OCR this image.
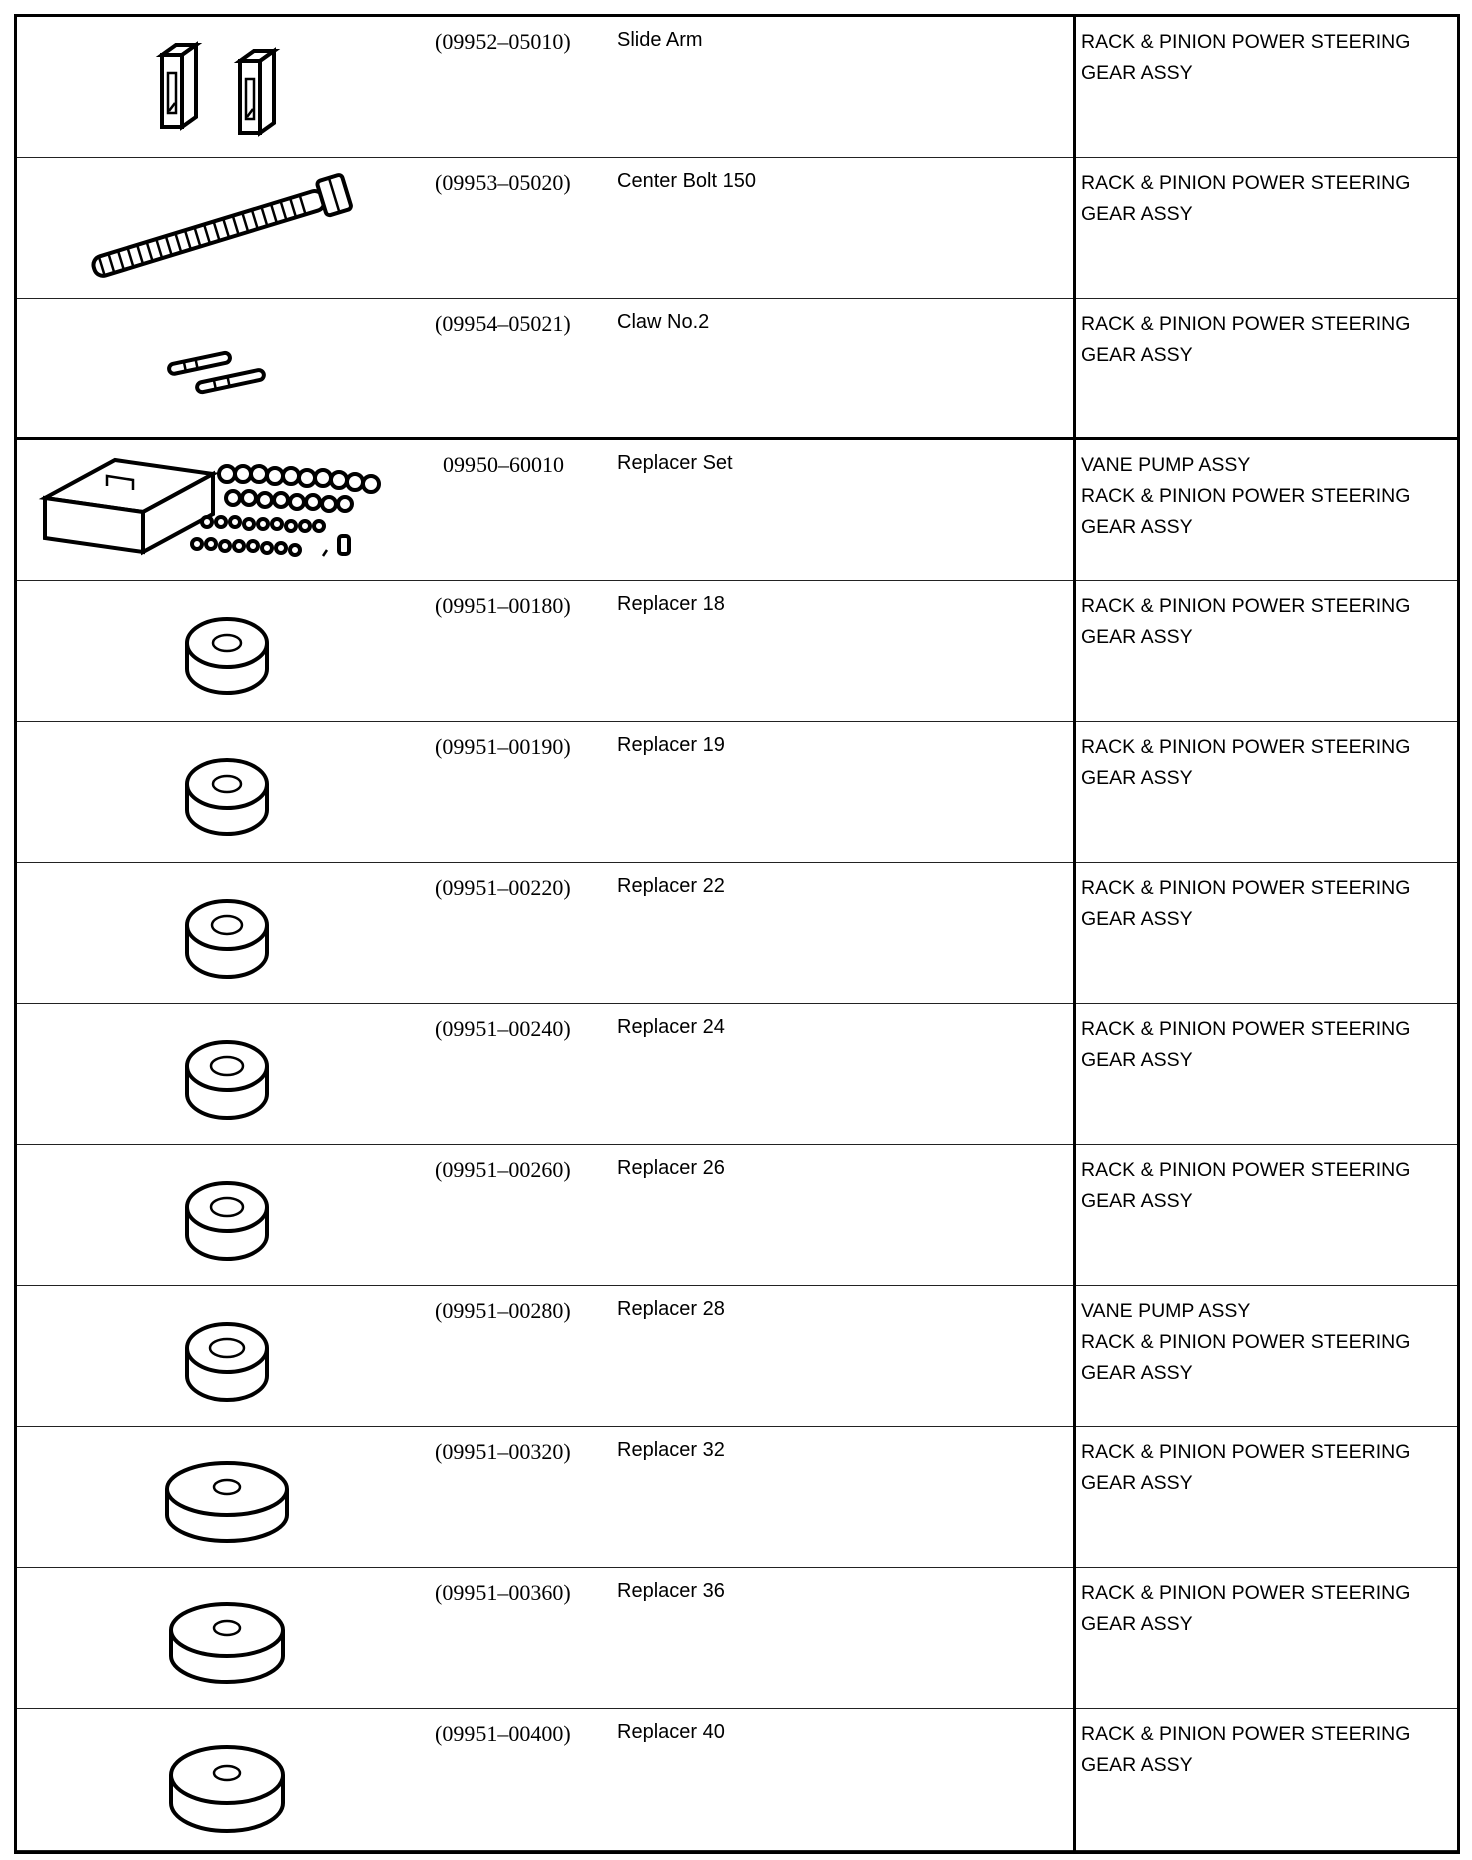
(09952–05010) Slide Arm	RACK & PINION POWER STEERING
GEAR ASSY
(09953–05020) Center Bolt 150	RACK & PINION POWER STEERING
GEAR ASSY
(09954–05021) Claw No.2	RACK & PINION POWER STEERING
GEAR ASSY
09950–60010	Replacer Set	VANE PUMP ASSY
RACK & PINION POWER STEERING
GEAR ASSY
(09951–00180) Replacer 18	RACK & PINION POWER STEERING
GEAR ASSY
(09951–00190) Replacer 19	RACK & PINION POWER STEERING
GEAR ASSY
(09951–00220) Replacer 22	RACK & PINION POWER STEERING
GEAR ASSY
(09951–00240) Replacer 24	RACK & PINION POWER STEERING
GEAR ASSY
(09951–00260) Replacer 26	RACK & PINION POWER STEERING
GEAR ASSY
(09951–00280) Replacer 28	VANE PUMP ASSY
RACK & PINION POWER STEERING
GEAR ASSY
(09951–00320) Replacer 32	RACK & PINION POWER STEERING
GEAR ASSY
(09951–00360) Replacer 36	RACK & PINION POWER STEERING
GEAR ASSY
(09951–00400) Replacer 40	RACK & PINION POWER STEERING
GEAR ASSY
